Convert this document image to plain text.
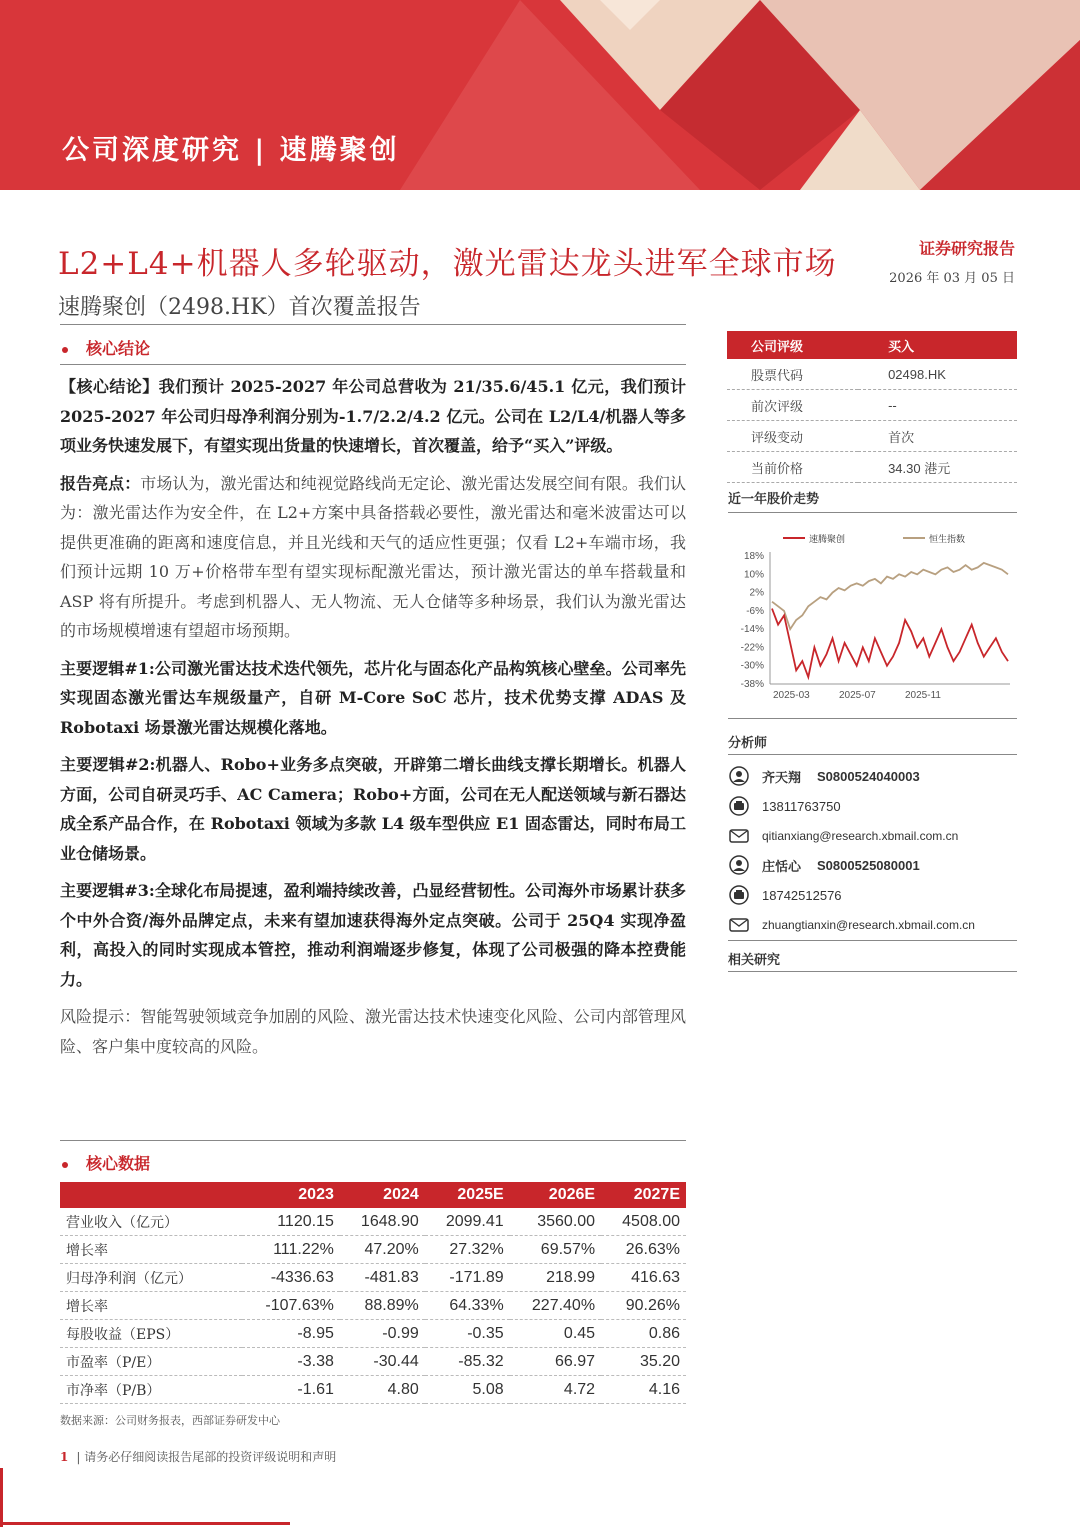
公司深度研究 | 速腾聚创
L2+L4+机器人多轮驱动，激光雷达龙头进军全球市场
速腾聚创（2498.HK）首次覆盖报告
证券研究报告
2026 年 03 月 05 日
核心结论

【核心结论】我们预计 2025-2027 年公司总营收为 21/35.6/45.1 亿元，我们预计 2025-2027 年公司归母净利润分别为-1.7/2.2/4.2 亿元。公司在 L2/L4/机器人等多项业务快速发展下，有望实现出货量的快速增长，首次覆盖，给予“买入”评级。

报告亮点：市场认为，激光雷达和纯视觉路线尚无定论、激光雷达发展空间有限。我们认为：激光雷达作为安全件，在 L2+方案中具备搭载必要性，激光雷达和毫米波雷达可以提供更准确的距离和速度信息，并且光线和天气的适应性更强；仅看 L2+车端市场，我们预计远期 10 万+价格带车型有望实现标配激光雷达，预计激光雷达的单车搭载量和 ASP 将有所提升。考虑到机器人、无人物流、无人仓储等多种场景，我们认为激光雷达的市场规模增速有望超市场预期。

主要逻辑#1:公司激光雷达技术迭代领先，芯片化与固态化产品构筑核心壁垒。公司率先实现固态激光雷达车规级量产，自研 M-Core SoC 芯片，技术优势支撑 ADAS 及 Robotaxi 场景激光雷达规模化落地。

主要逻辑#2:机器人、Robo+业务多点突破，开辟第二增长曲线支撑长期增长。机器人方面，公司自研灵巧手、AC Camera；Robo+方面，公司在无人配送领域与新石器达成全系产品合作，在 Robotaxi 领域为多款 L4 级车型供应 E1 固态雷达，同时布局工业仓储场景。

主要逻辑#3:全球化布局提速，盈利端持续改善，凸显经营韧性。公司海外市场累计获多个中外合资/海外品牌定点，未来有望加速获得海外定点突破。公司于 25Q4 实现净盈利，高投入的同时实现成本管控，推动利润端逐步修复，体现了公司极强的降本控费能力。

风险提示：智能驾驶领域竞争加剧的风险、激光雷达技术快速变化风险、公司内部管理风险、客户集中度较高的风险。

核心数据
	2023	2024	2025E	2026E	2027E
营业收入（亿元）	1120.15	1648.90	2099.41	3560.00	4508.00
增长率	111.22%	47.20%	27.32%	69.57%	26.63%
归母净利润（亿元）	-4336.63	-481.83	-171.89	218.99	416.63
增长率	-107.63%	88.89%	64.33%	227.40%	90.26%
每股收益（EPS）	-8.95	-0.99	-0.35	0.45	0.86
市盈率（P/E）	-3.38	-30.44	-85.32	66.97	35.20
市净率（P/B）	-1.61	4.80	5.08	4.72	4.16
数据来源：公司财务报表，西部证券研发中心
1 | 请务必仔细阅读报告尾部的投资评级说明和声明
公司评级	买入
股票代码	02498.HK
前次评级	--
评级变动	首次
当前价格	34.30 港元
近一年股价走势
速腾聚创	恒生指数
18%
10%
2%
-6%
-14%
-22%
-30%
-38%
2025-03	2025-07	2025-11
分析师
齐天翔 S0800524040003
13811763750
qitianxiang@research.xbmail.com.cn
庄恬心 S0800525080001
18742512576
zhuangtianxin@research.xbmail.com.cn
相关研究
